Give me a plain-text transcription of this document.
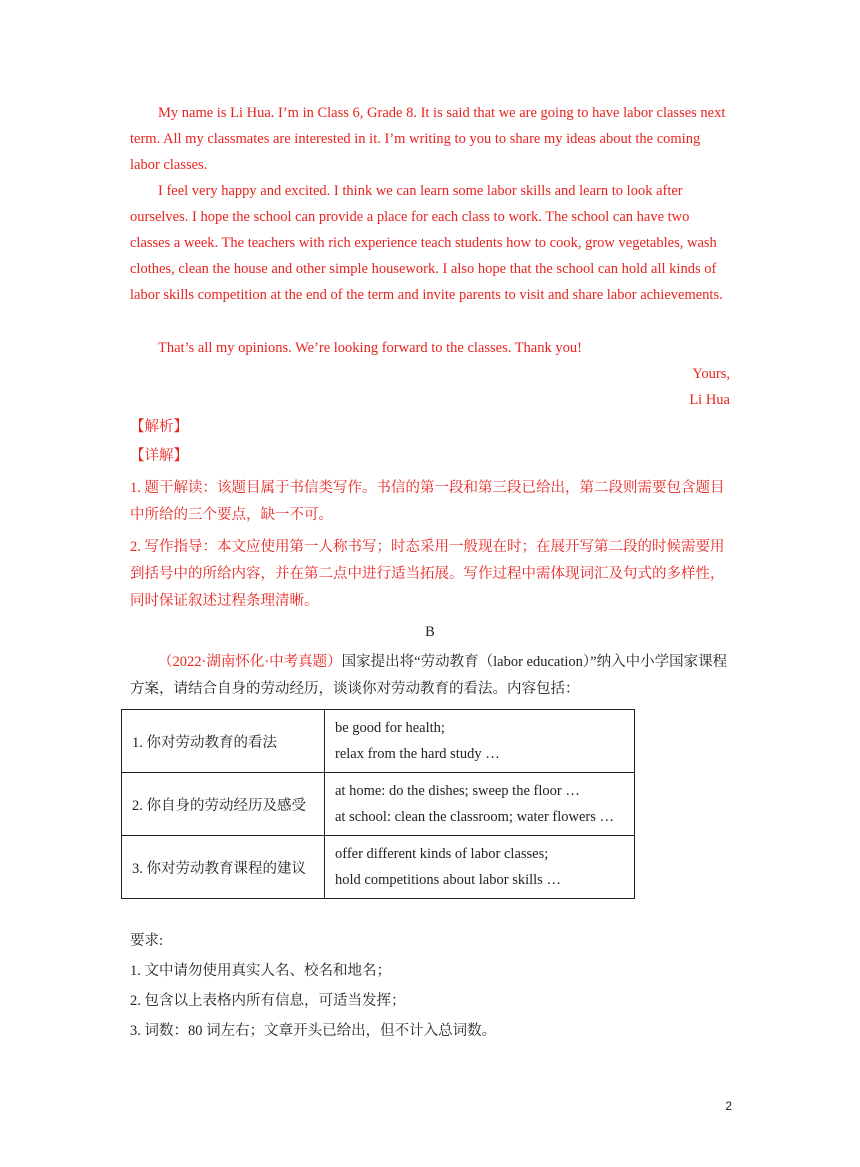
My name is Li Hua. I’m in Class 6, Grade 8. It is said that we are going to have labor classes next term. All my classmates are interested in it. I’m writing to you to share my ideas about the coming labor classes.
I feel very happy and excited. I think we can learn some labor skills and learn to look after ourselves. I hope the school can provide a place for each class to work. The school can have two classes a week. The teachers with rich experience teach students how to cook, grow vegetables, wash clothes, clean the house and other simple housework. I also hope that the school can hold all kinds of labor skills competition at the end of the term and invite parents to visit and share labor achievements.
That’s all my opinions. We’re looking forward to the classes. Thank you!
Yours,
Li Hua
【解析】
【详解】
1. 题干解读：该题目属于书信类写作。书信的第一段和第三段已给出，第二段则需要包含题目中所给的三个要点，缺一不可。
2. 写作指导：本文应使用第一人称书写；时态采用一般现在时；在展开写第二段的时候需要用到括号中的所给内容，并在第二点中进行适当拓展。写作过程中需体现词汇及句式的多样性，同时保证叙述过程条理清晰。
B
（2022·湖南怀化·中考真题）国家提出将“劳动教育（labor education）”纳入中小学国家课程方案，请结合自身的劳动经历，谈谈你对劳动教育的看法。内容包括：
1. 你对劳动教育的看法	be good for health;
relax from the hard study …

2. 你自身的劳动经历及感受	at home: do the dishes; sweep the floor …
at school: clean the classroom; water flowers …

3. 你对劳动教育课程的建议	offer different kinds of labor classes;
hold competitions about labor skills …
要求:
1. 文中请勿使用真实人名、校名和地名；
2. 包含以上表格内所有信息，可适当发挥；
3. 词数：80 词左右；文章开头已给出，但不计入总词数。
2
